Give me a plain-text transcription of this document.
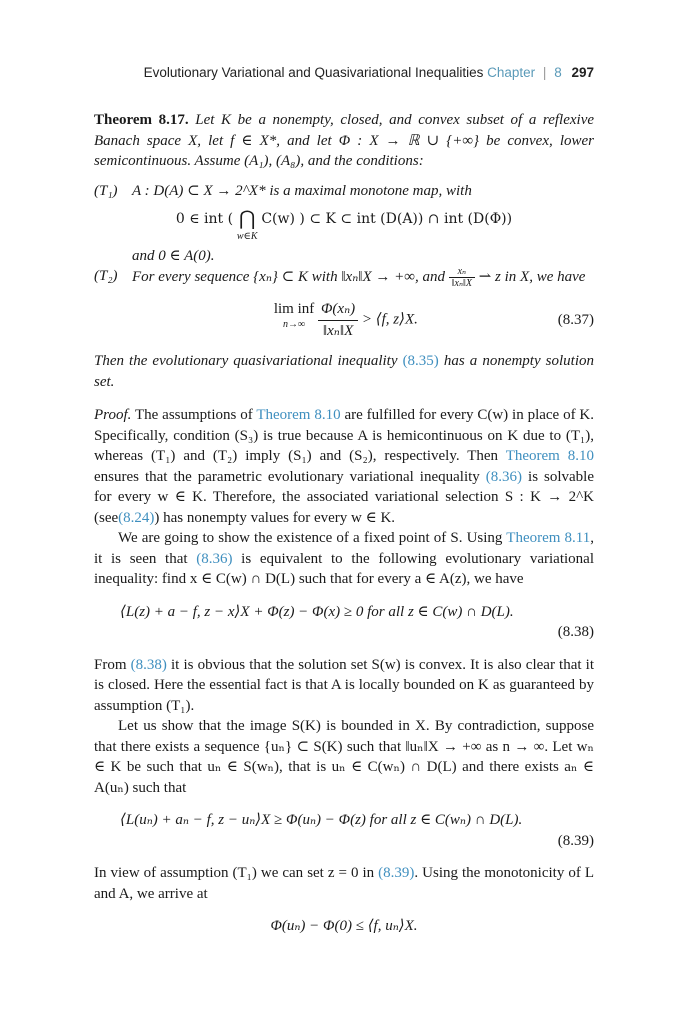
Evolutionary Variational and Quasivariational Inequalities Chapter | 8 297

Theorem 8.17. Let K be a nonempty, closed, and convex subset of a reflexive Banach space X, let f ∈ X*, and let Φ : X → ℝ ∪ {+∞} be convex, lower semicontinuous. Assume (A₁), (A₈), and the conditions:

(T₁) A : D(A) ⊂ X → 2^X* is a maximal monotone map, with

0 ∈ int ( ⋂
w∈K
C(w) ) ⊂ K ⊂ int (D(A)) ∩ int (D(Φ))

and 0 ∈ A(0).

(T₂) For every sequence {xₙ} ⊂ K with ‖xₙ‖X → +∞, and $\frac{\text{xₙ}}{\text{‖xₙ‖X}}$ ⇀ z in X, we have

lim inf
n→∞
$\frac{\text{Φ(xₙ)}}{\text{‖xₙ‖X}}$ > ⟨f, z⟩X.	(8.37)

Then the evolutionary quasivariational inequality (8.35) has a nonempty solution set.

Proof. The assumptions of Theorem 8.10 are fulfilled for every C(w) in place of K. Specifically, condition (S₃) is true because A is hemicontinuous on K due to (T₁), whereas (T₁) and (T₂) imply (S₁) and (S₂), respectively. Then Theorem 8.10 ensures that the parametric evolutionary variational inequality (8.36) is solvable for every w ∈ K. Therefore, the associated variational selection S : K → 2^K (see(8.24)) has nonempty values for every w ∈ K.

We are going to show the existence of a fixed point of S. Using Theorem 8.11, it is seen that (8.36) is equivalent to the following evolutionary variational inequality: find x ∈ C(w) ∩ D(L) such that for every a ∈ A(z), we have

⟨L(z) + a − f, z − x⟩X + Φ(z) − Φ(x) ≥ 0 for all z ∈ C(w) ∩ D(L).
(8.38)

From (8.38) it is obvious that the solution set S(w) is convex. It is also clear that it is closed. Here the essential fact is that A is locally bounded on K as guaranteed by assumption (T₁).

Let us show that the image S(K) is bounded in X. By contradiction, suppose that there exists a sequence {uₙ} ⊂ S(K) such that ‖uₙ‖X → +∞ as n → ∞. Let wₙ ∈ K be such that uₙ ∈ S(wₙ), that is uₙ ∈ C(wₙ) ∩ D(L) and there exists aₙ ∈ A(uₙ) such that

⟨L(uₙ) + aₙ − f, z − uₙ⟩X ≥ Φ(uₙ) − Φ(z) for all z ∈ C(wₙ) ∩ D(L).
(8.39)

In view of assumption (T₁) we can set z = 0 in (8.39). Using the monotonicity of L and A, we arrive at

Φ(uₙ) − Φ(0) ≤ ⟨f, uₙ⟩X.
